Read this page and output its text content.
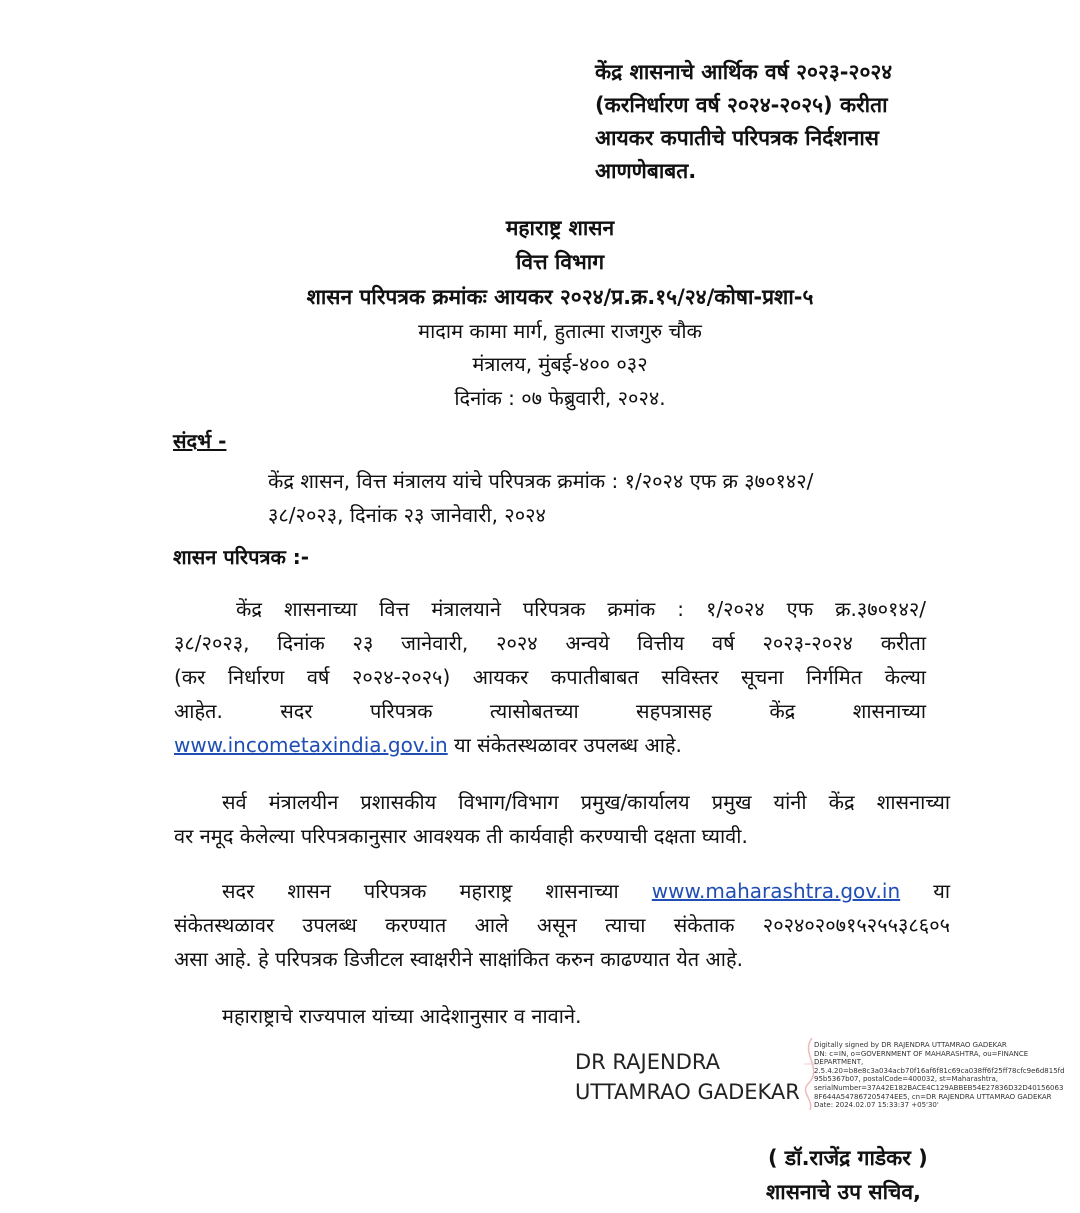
केंद्र शासनाचे आर्थिक वर्ष २०२३-२०२४
(करनिर्धारण वर्ष २०२४-२०२५) करीता
आयकर कपातीचे परिपत्रक निर्दशनास
आणणेबाबत.
महाराष्ट्र शासन
वित्त विभाग
शासन परिपत्रक क्रमांकः आयकर २०२४/प्र.क्र.१५/२४/कोषा-प्रशा-५
मादाम कामा मार्ग, हुतात्मा राजगुरु चौक
मंत्रालय, मुंबई-४०० ०३२
दिनांक : ०७ फेब्रुवारी, २०२४.
संदर्भ -
केंद्र शासन, वित्त मंत्रालय यांचे परिपत्रक क्रमांक : १/२०२४ एफ क्र ३७०१४२/
३८/२०२३, दिनांक २३ जानेवारी, २०२४
शासन परिपत्रक :-
केंद्र शासनाच्या वित्त मंत्रालयाने परिपत्रक क्रमांक : १/२०२४ एफ क्र.३७०१४२/
३८/२०२३, दिनांक २३ जानेवारी, २०२४ अन्वये वित्तीय वर्ष २०२३-२०२४ करीता
(कर निर्धारण वर्ष २०२४-२०२५) आयकर कपातीबाबत सविस्तर सूचना निर्गमित केल्या
आहेत. सदर परिपत्रक त्यासोबतच्या सहपत्रासह केंद्र शासनाच्या
www.incometaxindia.gov.in या संकेतस्थळावर उपलब्ध आहे.
सर्व मंत्रालयीन प्रशासकीय विभाग/विभाग प्रमुख/कार्यालय प्रमुख यांनी केंद्र शासनाच्या
वर नमूद केलेल्या परिपत्रकानुसार आवश्यक ती कार्यवाही करण्याची दक्षता घ्यावी.
सदर शासन परिपत्रक महाराष्ट्र शासनाच्या www.maharashtra.gov.in या
संकेतस्थळावर उपलब्ध करण्यात आले असून त्याचा संकेताक २०२४०२०७१५२५५३८६०५
असा आहे. हे परिपत्रक डिजीटल स्वाक्षरीने साक्षांकित करुन काढण्यात येत आहे.
महाराष्ट्राचे राज्यपाल यांच्या आदेशानुसार व नावाने.
DR RAJENDRA
UTTAMRAO GADEKAR
Digitally signed by DR RAJENDRA UTTAMRAO GADEKAR
DN: c=IN, o=GOVERNMENT OF MAHARASHTRA, ou=FINANCE
DEPARTMENT,
2.5.4.20=b8e8c3a034acb70f16af6f81c69ca038ff6f25ff78cfc9e6d815fd
95b5367b07, postalCode=400032, st=Maharashtra,
serialNumber=37A42E182BACE4C129ABBEB54E27836D32D40156063
8F644A547867205474EE5, cn=DR RAJENDRA UTTAMRAO GADEKAR
Date: 2024.02.07 15:33:37 +05'30'
( डॉ.राजेंद्र गाडेकर )
शासनाचे उप सचिव,
